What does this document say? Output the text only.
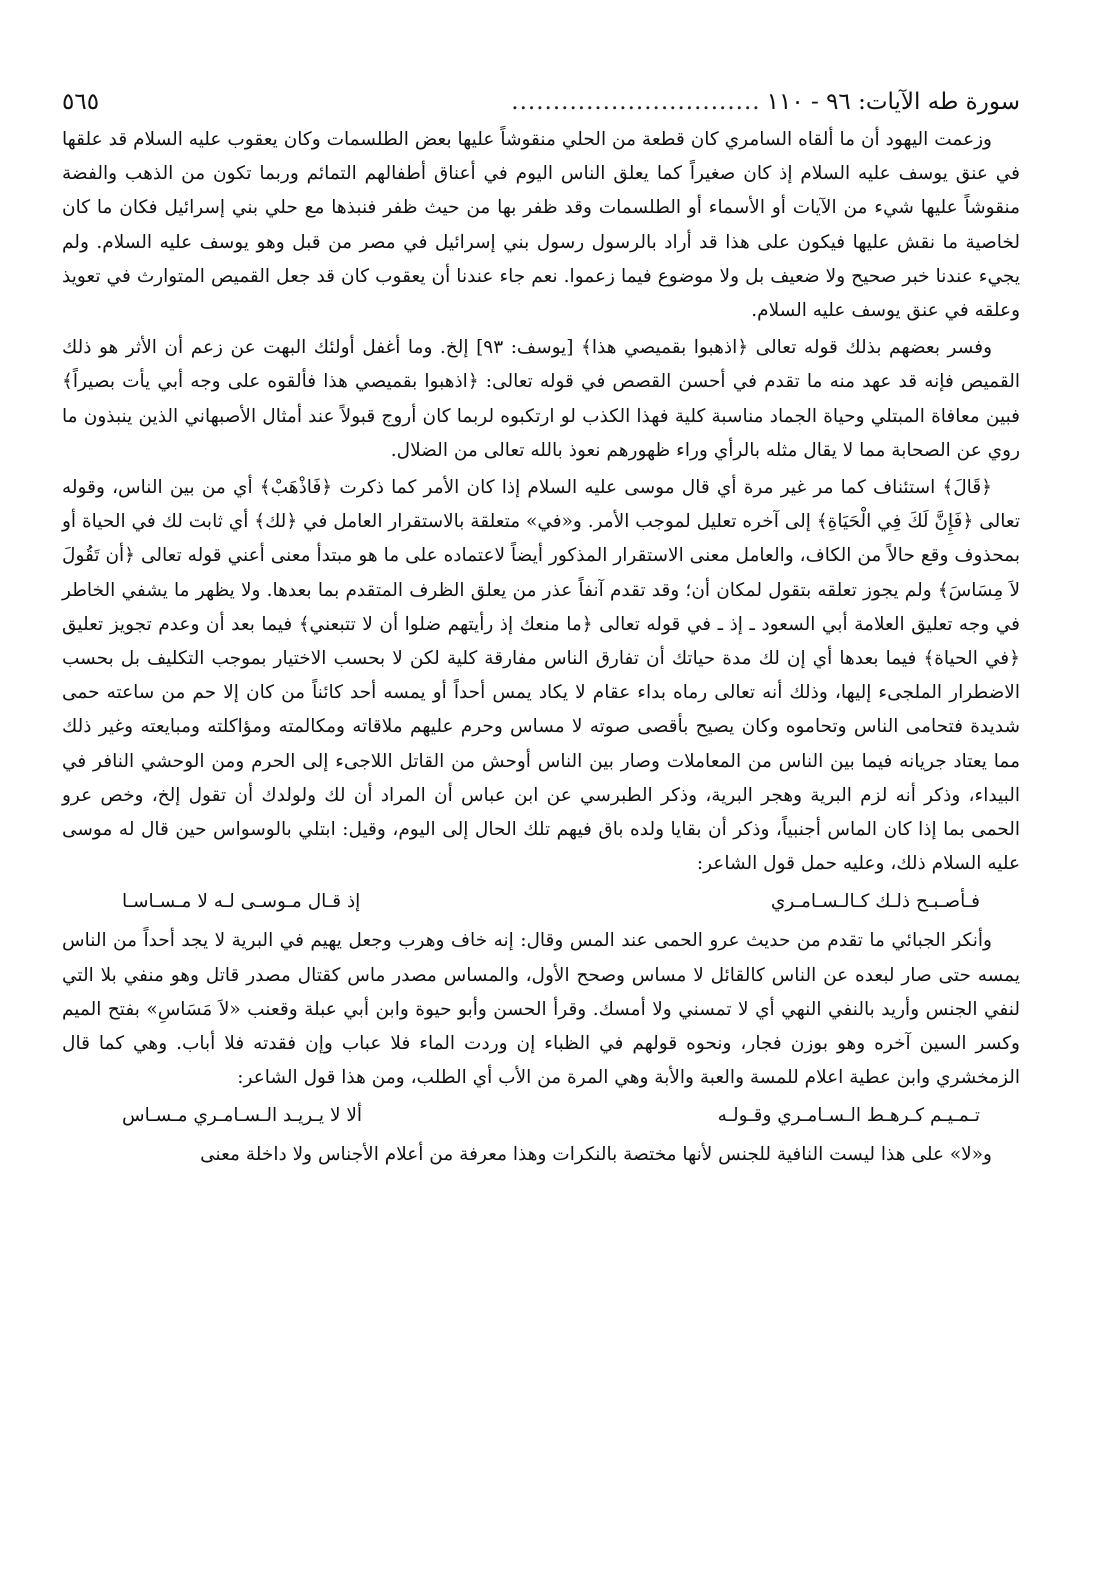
سورة طه الآيات: ٩٦ - ١١٠
..............................
٥٦٥

وزعمت اليهود أن ما ألقاه السامري كان قطعة من الحلي منقوشاً عليها بعض الطلسمات وكان يعقوب عليه السلام قد علقها في عنق يوسف عليه السلام إذ كان صغيراً كما يعلق الناس اليوم في أعناق أطفالهم التمائم وربما تكون من الذهب والفضة منقوشاً عليها شيء من الآيات أو الأسماء أو الطلسمات وقد ظفر بها من حيث ظفر فنبذها مع حلي بني إسرائيل فكان ما كان لخاصية ما نقش عليها فيكون على هذا قد أراد بالرسول رسول بني إسرائيل في مصر من قبل وهو يوسف عليه السلام. ولم يجيء عندنا خبر صحيح ولا ضعيف بل ولا موضوع فيما زعموا. نعم جاء عندنا أن يعقوب كان قد جعل القميص المتوارث في تعويذ وعلقه في عنق يوسف عليه السلام.

وفسر بعضهم بذلك قوله تعالى ﴿اذهبوا بقميصي هذا﴾ [يوسف: ٩٣] إلخ. وما أغفل أولئك البهت عن زعم أن الأثر هو ذلك القميص فإنه قد عهد منه ما تقدم في أحسن القصص في قوله تعالى: ﴿اذهبوا بقميصي هذا فألقوه على وجه أبي يأت بصيراً﴾ فبين معافاة المبتلي وحياة الجماد مناسبة كلية فهذا الكذب لو ارتكبوه لربما كان أروج قبولاً عند أمثال الأصبهاني الذين ينبذون ما روي عن الصحابة مما لا يقال مثله بالرأي وراء ظهورهم نعوذ بالله تعالى من الضلال.

﴿قَالَ﴾ استئناف كما مر غير مرة أي قال موسى عليه السلام إذا كان الأمر كما ذكرت ﴿فَاذْهَبْ﴾ أي من بين الناس، وقوله تعالى ﴿فَإِنَّ لَكَ فِي الْحَيَاةِ﴾ إلى آخره تعليل لموجب الأمر. و«في» متعلقة بالاستقرار العامل في ﴿لك﴾ أي ثابت لك في الحياة أو بمحذوف وقع حالاً من الكاف، والعامل معنى الاستقرار المذكور أيضاً لاعتماده على ما هو مبتدأ معنى أعني قوله تعالى ﴿أن تَقُولَ لاَ مِسَاسَ﴾ ولم يجوز تعلقه بتقول لمكان أن؛ وقد تقدم آنفاً عذر من يعلق الظرف المتقدم بما بعدها. ولا يظهر ما يشفي الخاطر في وجه تعليق العلامة أبي السعود ـ إذ ـ في قوله تعالى ﴿ما منعك إذ رأيتهم ضلوا أن لا تتبعني﴾ فيما بعد أن وعدم تجويز تعليق ﴿في الحياة﴾ فيما بعدها أي إن لك مدة حياتك أن تفارق الناس مفارقة كلية لكن لا بحسب الاختيار بموجب التكليف بل بحسب الاضطرار الملجىء إليها، وذلك أنه تعالى رماه بداء عقام لا يكاد يمس أحداً أو يمسه أحد كائناً من كان إلا حم من ساعته حمى شديدة فتحامى الناس وتحاموه وكان يصيح بأقصى صوته لا مساس وحرم عليهم ملاقاته ومكالمته ومؤاكلته ومبايعته وغير ذلك مما يعتاد جريانه فيما بين الناس من المعاملات وصار بين الناس أوحش من القاتل اللاجىء إلى الحرم ومن الوحشي النافر في البيداء، وذكر أنه لزم البرية وهجر البرية، وذكر الطبرسي عن ابن عباس أن المراد أن لك ولولدك أن تقول إلخ، وخص عرو الحمى بما إذا كان الماس أجنبياً، وذكر أن بقايا ولده باق فيهم تلك الحال إلى اليوم، وقيل: ابتلي بالوسواس حين قال له موسى عليه السلام ذلك، وعليه حمل قول الشاعر:

فـأصـبـح ذلـك كـالـسـامـري
إذ قـال مـوسـى لـه لا مـسـاسـا

وأنكر الجبائي ما تقدم من حديث عرو الحمى عند المس وقال: إنه خاف وهرب وجعل يهيم في البرية لا يجد أحداً من الناس يمسه حتى صار لبعده عن الناس كالقائل لا مساس وصحح الأول، والمساس مصدر ماس كقتال مصدر قاتل وهو منفي بلا التي لنفي الجنس وأريد بالنفي النهي أي لا تمسني ولا أمسك. وقرأ الحسن وأبو حيوة وابن أبي عبلة وقعنب «لاَ مَسَاسِ» بفتح الميم وكسر السين آخره وهو بوزن فجار، ونحوه قولهم في الظباء إن وردت الماء فلا عباب وإن فقدته فلا أباب. وهي كما قال الزمخشري وابن عطية اعلام للمسة والعبة والأبة وهي المرة من الأب أي الطلب، ومن هذا قول الشاعر:

تـمـيـم كـرهـط الـسـامـري وقـولـه
ألا لا يـريـد الـسـامـري مـسـاس

و«لا» على هذا ليست النافية للجنس لأنها مختصة بالنكرات وهذا معرفة من أعلام الأجناس ولا داخلة معنى
